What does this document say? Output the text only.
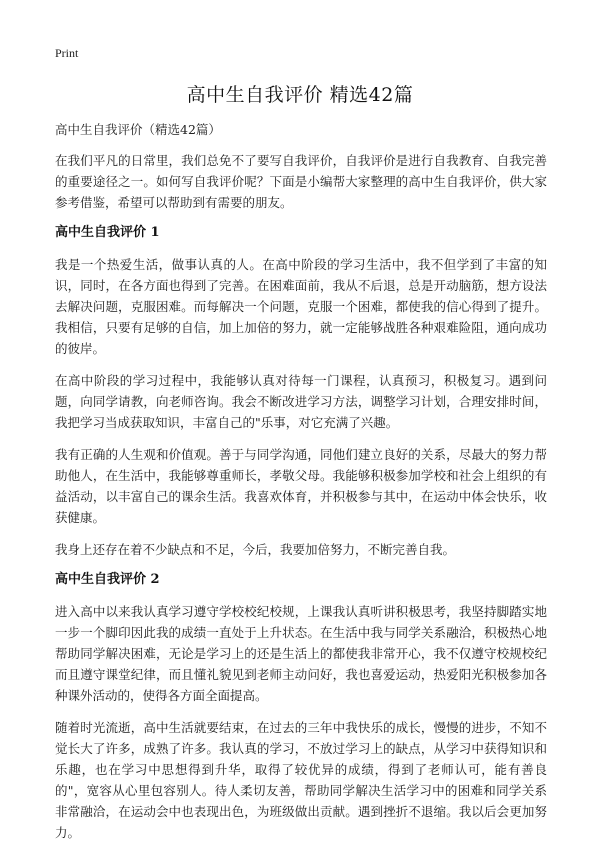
Print
高中生自我评价 精选42篇
高中生自我评价（精选42篇）

在我们平凡的日常里，我们总免不了要写自我评价，自我评价是进行自我教育、自我完善的重要途径之一。如何写自我评价呢？下面是小编帮大家整理的高中生自我评价，供大家参考借鉴，希望可以帮助到有需要的朋友。

高中生自我评价 1

我是一个热爱生活，做事认真的人。在高中阶段的学习生活中，我不但学到了丰富的知识，同时，在各方面也得到了完善。在困难面前，我从不后退，总是开动脑筋，想方设法去解决问题，克服困难。而每解决一个问题，克服一个困难，都使我的信心得到了提升。我相信，只要有足够的自信，加上加倍的努力，就一定能够战胜各种艰难险阻，通向成功的彼岸。

在高中阶段的学习过程中，我能够认真对待每一门课程，认真预习，积极复习。遇到问题，向同学请教，向老师咨询。我会不断改进学习方法，调整学习计划，合理安排时间，我把学习当成获取知识，丰富自己的"乐事，对它充满了兴趣。

我有正确的人生观和价值观。善于与同学沟通，同他们建立良好的关系，尽最大的努力帮助他人，在生活中，我能够尊重师长，孝敬父母。我能够积极参加学校和社会上组织的有益活动，以丰富自己的课余生活。我喜欢体育，并积极参与其中，在运动中体会快乐，收获健康。

我身上还存在着不少缺点和不足，今后，我要加倍努力，不断完善自我。

高中生自我评价 2

进入高中以来我认真学习遵守学校校纪校规，上课我认真听讲积极思考，我坚持脚踏实地一步一个脚印因此我的成绩一直处于上升状态。在生活中我与同学关系融洽，积极热心地帮助同学解决困难，无论是学习上的还是生活上的都使我非常开心，我不仅遵守校规校纪而且遵守课堂纪律，而且懂礼貌见到老师主动问好，我也喜爱运动，热爱阳光积极参加各种课外活动的，使得各方面全面提高。

随着时光流逝，高中生活就要结束，在过去的三年中我快乐的成长，慢慢的进步，不知不觉长大了许多，成熟了许多。我认真的学习，不放过学习上的缺点，从学习中获得知识和乐趣，也在学习中思想得到升华，取得了较优异的成绩，得到了老师认可，能有善良的"，宽容从心里包容别人。待人柔切友善，帮助同学解决生活学习中的困难和同学关系非常融洽，在运动会中也表现出色，为班级做出贡献。遇到挫折不退缩。我以后会更加努力。
